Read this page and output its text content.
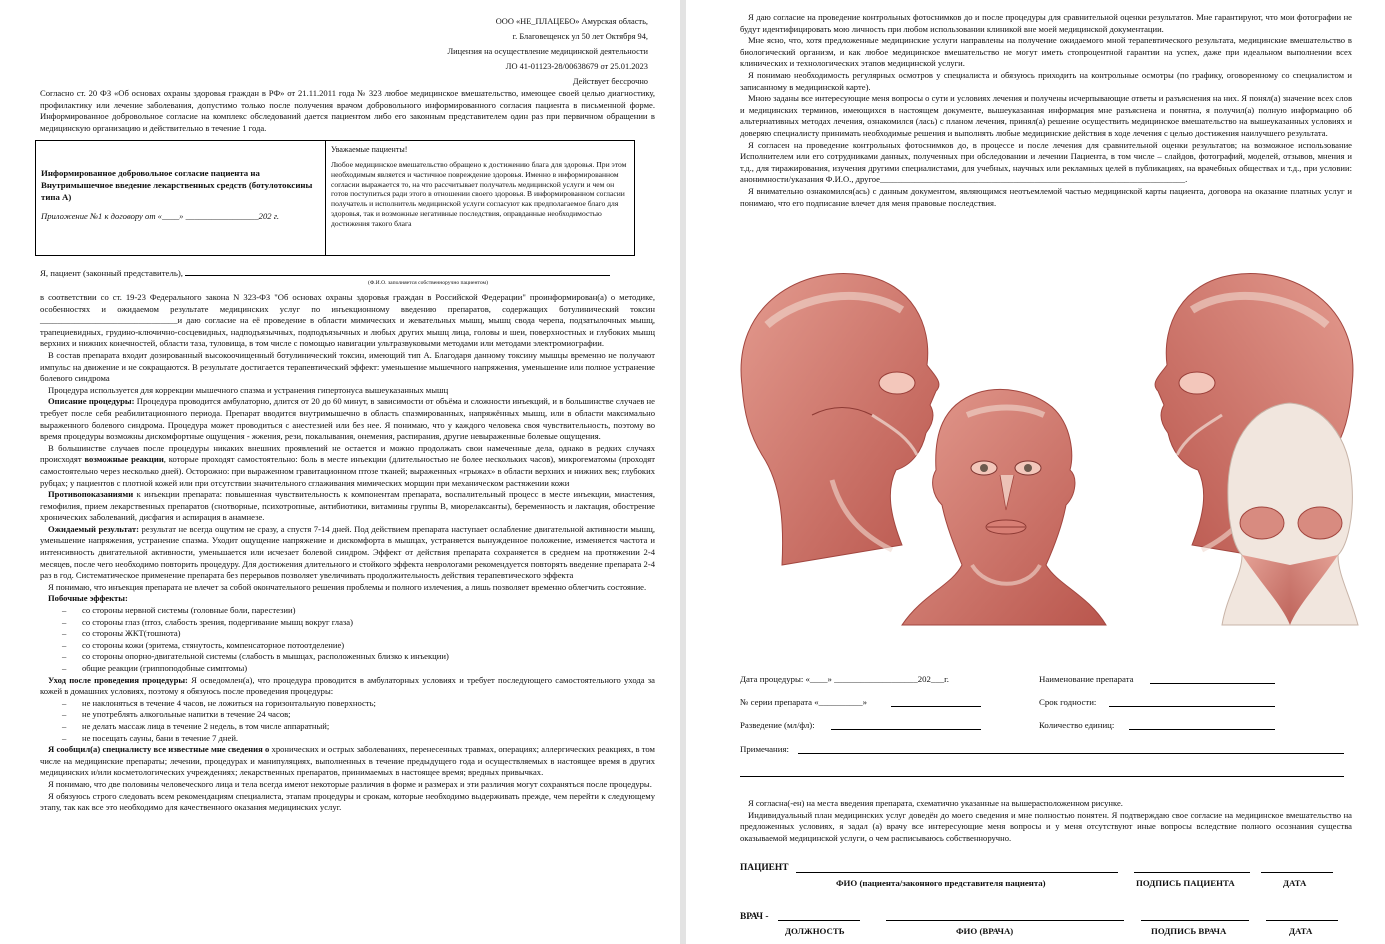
ООО «НЕ_ПЛАЦЕБО» Амурская область,
г. Благовещенск ул 50 лет Октября 94,
Лицензия на осуществление медицинской деятельности
ЛО 41-01123-28/00638679 от 25.01.2023
Действует бессрочно
Согласно ст. 20 ФЗ «Об основах охраны здоровья граждан в РФ» от 21.11.2011 года № 323 любое медицинское вмешательство, имеющее своей целью диагностику, профилактику или лечение заболевания, допустимо только после получения врачом добровольного информированного согласия пациента в письменной форме. Информированное добровольное согласие на комплекс обследований дается пациентом либо его законным представителем один раз при первичном обращении в медицинскую организацию и действительно в течение 1 года.
Информированное добровольное согласие пациента на Внутримышечное введение лекарственных средств (ботулотоксины типа А)
Приложение №1 к договору от «____» _________________202 г.
Уважаемые пациенты!
Любое медицинское вмешательство обращено к достижению блага для здоровья. При этом необходимым является и частичное повреждение здоровья. Именно в информированном согласии выражается то, на что рассчитывает получатель медицинской услуги и чем он готов поступиться ради этого в отношении своего здоровья. В информированном согласии получатель и исполнитель медицинской услуги согласуют как предполагаемое благо для здоровья, так и возможные негативные последствия, оправданные необходимостью достижения такого блага
Я, пациент (законный представитель),
(Ф.И.О. заполняется собственноручно пациентом)

в соответствии со ст. 19-23 Федерального закона N 323-ФЗ "Об основах охраны здоровья граждан в Российской Федерации" проинформирован(а) о методике, особенностях и ожидаемом результате медицинских услуг по инъекционному введению препаратов, содержащих ботулинический токсин ________________________________и даю согласие на её проведение в области мимических и жевательных мышц, мышц свода черепа, подзатылочных мышц, трапециевидных, грудино-ключично-сосцевидных, надподъязычных, подподъязычных и любых других мышц лица, головы и шеи, поверхностных и глубоких мышц верхних и нижних конечностей, области таза, туловища, в том числе с помощью навигации ультразвуковыми методами или методами электромиографии.

В состав препарата входит дозированный высокоочищенный ботулинический токсин, имеющий тип А. Благодаря данному токсину мышцы временно не получают импульс на движение и не сокращаются. В результате достигается терапевтический эффект: уменьшение мышечного напряжения, уменьшение или полное устранение болевого синдрома

Процедура используется для коррекции мышечного спазма и устранения гипертонуса вышеуказанных мышц

Описание процедуры: Процедура проводится амбулаторно, длится от 20 до 60 минут, в зависимости от объёма и сложности инъекций, и в большинстве случаев не требует после себя реабилитационного периода. Препарат вводится внутримышечно в область спазмированных, напряжённых мышц, или в области максимально выраженного болевого синдрома. Процедура может проводиться с анестезией или без нее. Я понимаю, что у каждого человека своя чувствительность, поэтому во время процедуры возможны дискомфортные ощущения - жжения, рези, покалывания, онемения, распирания, другие невыраженные болевые ощущения.

В большинстве случаев после процедуры никаких внешних проявлений не остается и можно продолжать свои намеченные дела, однако в редких случаях происходят возможные реакции, которые проходят самостоятельно: боль в месте инъекции (длительностью не более нескольких часов), микрогематомы (проходят самостоятельно через несколько дней). Осторожно: при выраженном гравитационном птозе тканей; выраженных «грыжах» в области верхних и нижних век; глубоких рубцах; у пациентов с плотной кожей или при отсутствии значительного сглаживания мимических морщин при механическом растяжении кожи

Противопоказаниями к инъекции препарата: повышенная чувствительность к компонентам препарата, воспалительный процесс в месте инъекции, миастения, гемофилия, прием лекарственных препаратов (снотворные, психотропные, антибиотики, витамины группы В, миорелаксанты), беременность и лактация, обострение хронических заболеваний, дисфагия и аспирация в анамнезе.

Ожидаемый результат: результат не всегда ощутим не сразу, а спустя 7-14 дней. Под действием препарата наступает ослабление двигательной активности мышц, уменьшение напряжения, устранение спазма. Уходит ощущение напряжение и дискомфорта в мышцах, устраняется вынужденное положение, изменяется частота и интенсивность двигательной активности, уменьшается или исчезает болевой синдром. Эффект от действия препарата сохраняется в среднем на протяжении 2-4 месяцев, после чего необходимо повторить процедуру. Для достижения длительного и стойкого эффекта неврологами рекомендуется повторять введение препарата 2-4 раз в год. Систематическое применение препарата без перерывов позволяет увеличивать продолжительность действия терапевтического эффекта

Я понимаю, что инъекция препарата не влечет за собой окончательного решения проблемы и полного излечения, а лишь позволяет временно облегчить состояние.

Побочные эффекты:

– со стороны нервной системы (головные боли, парестезии)
– со стороны глаз (птоз, слабость зрения, подергивание мышц вокруг глаза)
– со стороны ЖКТ(тошнота)
– со стороны кожи (эритема, стянутость, компенсаторное потоотделение)
– со стороны опорно-двигательной системы (слабость в мышцах, расположенных близко к инъекции)
– общие реакции (гриппоподобные симптомы)

Уход после проведения процедуры: Я осведомлен(а), что процедура проводится в амбулаторных условиях и требует последующего самостоятельного ухода за кожей в домашних условиях, поэтому я обязуюсь после проведения процедуры:

– не наклоняться в течение 4 часов, не ложиться на горизонтальную поверхность;
– не употреблять алкогольные напитки в течение 24 часов;
– не делать массаж лица в течение 2 недель, в том числе аппаратный;
– не посещать сауны, бани в течение 7 дней.

Я сообщил(а) специалисту все известные мне сведения о хронических и острых заболеваниях, перенесенных травмах, операциях; аллергических реакциях, в том числе на медицинские препараты; лечении, процедурах и манипуляциях, выполненных в течение предыдущего года и осуществляемых в настоящее время в других медицинских и/или косметологических учреждениях; лекарственных препаратов, принимаемых в настоящее время; вредных привычках.

Я понимаю, что две половины человеческого лица и тела всегда имеют некоторые различия в форме и размерах и эти различия могут сохраняться после процедуры.

Я обязуюсь строго следовать всем рекомендациям специалиста, этапам процедуры и срокам, которые необходимо выдерживать прежде, чем перейти к следующему этапу, так как все это необходимо для качественного оказания медицинских услуг.

Я даю согласие на проведение контрольных фотоснимков до и после процедуры для сравнительной оценки результатов. Мне гарантируют, что мои фотографии не будут идентифицировать мою личность при любом использовании клиникой вне моей медицинской документации.

Мне ясно, что, хотя предложенные медицинские услуги направлены на получение ожидаемого мной терапевтического результата, медицинские вмешательство в биологический организм, и как любое медицинское вмешательство не могут иметь стопроцентной гарантии на успех, даже при идеальном выполнении всех клинических и технологических этапов медицинской услуги.

Я понимаю необходимость регулярных осмотров у специалиста и обязуюсь приходить на контрольные осмотры (по графику, оговоренному со специалистом и записанному в медицинской карте).

Мною заданы все интересующие меня вопросы о сути и условиях лечения и получены исчерпывающие ответы и разъяснения на них. Я понял(а) значение всех слов и медицинских терминов, имеющихся в настоящем документе, вышеуказанная информация мне разъяснена и понятна, я получил(а) полную информацию об альтернативных методах лечения, ознакомился (лась) с планом лечения, принял(а) решение осуществить медицинское вмешательство на вышеуказанных условиях и доверяю специалисту принимать необходимые решения и выполнять любые медицинские действия в ходе лечения с целью достижения наилучшего результата.

Я согласен на проведение контрольных фотоснимков до, в процессе и после лечения для сравнительной оценки результатов; на возможное использование Исполнителем или его сотрудниками данных, полученных при обследовании и лечении Пациента, в том числе – слайдов, фотографий, моделей, отзывов, мнения и т.д., для тиражирования, изучения другими специалистами, для учебных, научных или рекламных целей в публикациях, на врачебных обществах и т.д., при условии: анонимности/указания Ф.И.О., другое_______________________________________________________________________.

Я внимательно ознакомился(ась) с данным документом, являющимся неотъемлемой частью медицинской карты пациента, договора на оказание платных услуг и понимаю, что его подписание влечет для меня правовые последствия.

Дата процедуры: «____» ___________________202___г.	Наименование препарата
№ серии препарата «__________»	Срок годности:
Разведение (мл/фл):	Количество единиц:
Примечания:

Я согласна(-ен) на места введения препарата, схематично указанные на вышерасположенном рисунке.

Индивидуальный план медицинских услуг доведён до моего сведения и мне полностью понятен. Я подтверждаю свое согласие на медицинское вмешательство на предложенных условиях, я задал (а) врачу все интересующие меня вопросы и у меня отсутствуют иные вопросы вследствие полного осознания существа оказываемой медицинской услуги, о чем расписываюсь собственноручно.

ПАЦИЕНТ
ФИО (пациента/законного представителя пациента)	ПОДПИСЬ ПАЦИЕНТА	ДАТА
ВРАЧ -
ДОЛЖНОСТЬ	ФИО (ВРАЧА)	ПОДПИСЬ ВРАЧА	ДАТА
